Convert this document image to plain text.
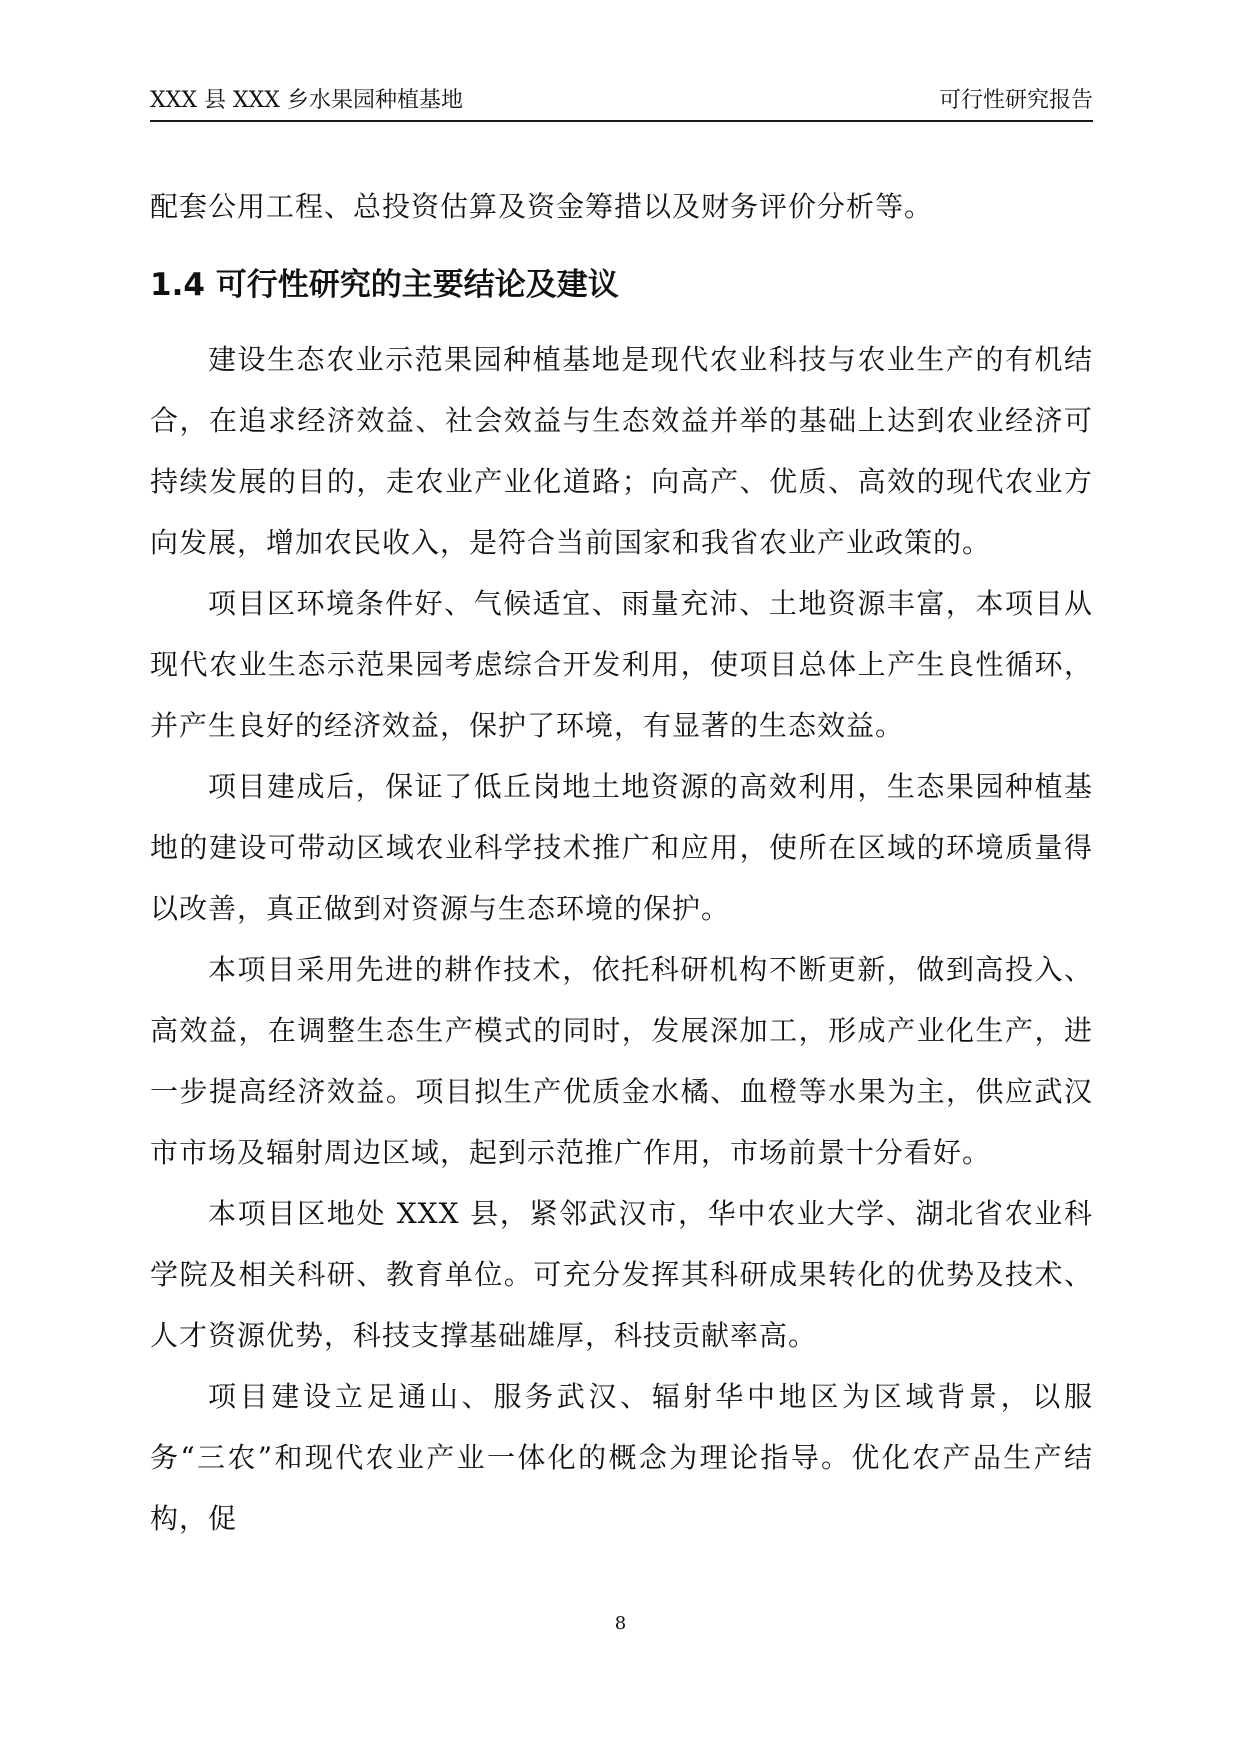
XXX 县 XXX 乡水果园种植基地	可行性研究报告

配套公用工程、总投资估算及资金筹措以及财务评价分析等。

1.4 可行性研究的主要结论及建议

建设生态农业示范果园种植基地是现代农业科技与农业生产的有机结合，在追求经济效益、社会效益与生态效益并举的基础上达到农业经济可持续发展的目的，走农业产业化道路；向高产、优质、高效的现代农业方向发展，增加农民收入，是符合当前国家和我省农业产业政策的。

项目区环境条件好、气候适宜、雨量充沛、土地资源丰富，本项目从现代农业生态示范果园考虑综合开发利用，使项目总体上产生良性循环，并产生良好的经济效益，保护了环境，有显著的生态效益。

项目建成后，保证了低丘岗地土地资源的高效利用，生态果园种植基地的建设可带动区域农业科学技术推广和应用，使所在区域的环境质量得以改善，真正做到对资源与生态环境的保护。

本项目采用先进的耕作技术，依托科研机构不断更新，做到高投入、高效益，在调整生态生产模式的同时，发展深加工，形成产业化生产，进一步提高经济效益。项目拟生产优质金水橘、血橙等水果为主，供应武汉市市场及辐射周边区域，起到示范推广作用，市场前景十分看好。

本项目区地处 XXX 县，紧邻武汉市，华中农业大学、湖北省农业科学院及相关科研、教育单位。可充分发挥其科研成果转化的优势及技术、人才资源优势，科技支撑基础雄厚，科技贡献率高。

项目建设立足通山、服务武汉、辐射华中地区为区域背景，以服务“三农”和现代农业产业一体化的概念为理论指导。优化农产品生产结构，促

8
